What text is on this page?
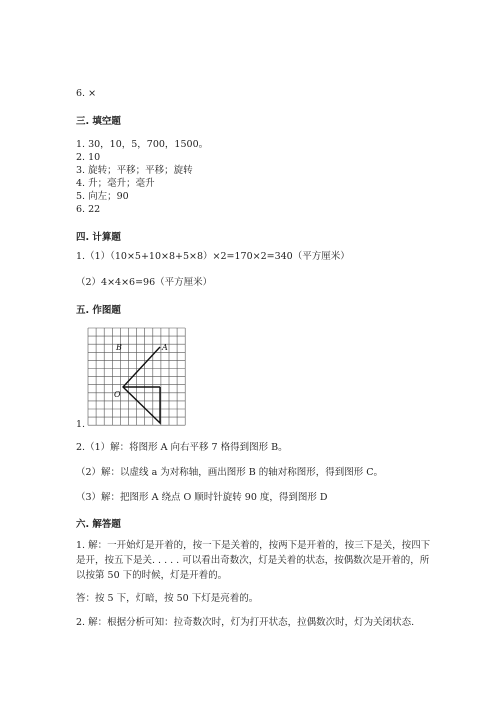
6. ×
三. 填空题
1. 30，10，5，700，1500。
2. 10
3. 旋转；平移；平移；旋转
4. 升；毫升；毫升
5. 向左；90
6. 22
四. 计算题
1.（1）（10×5+10×8+5×8）×2=170×2=340（平方厘米）
（2）4×4×6=96（平方厘米）
五. 作图题
B	A
O
1.
2.（1）解：将图形 A 向右平移 7 格得到图形 B。
（2）解：以虚线 a 为对称轴，画出图形 B 的轴对称图形，得到图形 C。
（3）解：把图形 A 绕点 O 顺时针旋转 90 度，得到图形 D
六. 解答题
1. 解：一开始灯是开着的，按一下是关着的，按两下是开着的，按三下是关，按四下是开，按五下是关. . . . . 可以看出奇数次，灯是关着的状态，按偶数次是开着的，所以按第 50 下的时候，灯是开着的。
答：按 5 下，灯暗，按 50 下灯是亮着的。
2. 解：根据分析可知：拉奇数次时，灯为打开状态，拉偶数次时，灯为关闭状态.
